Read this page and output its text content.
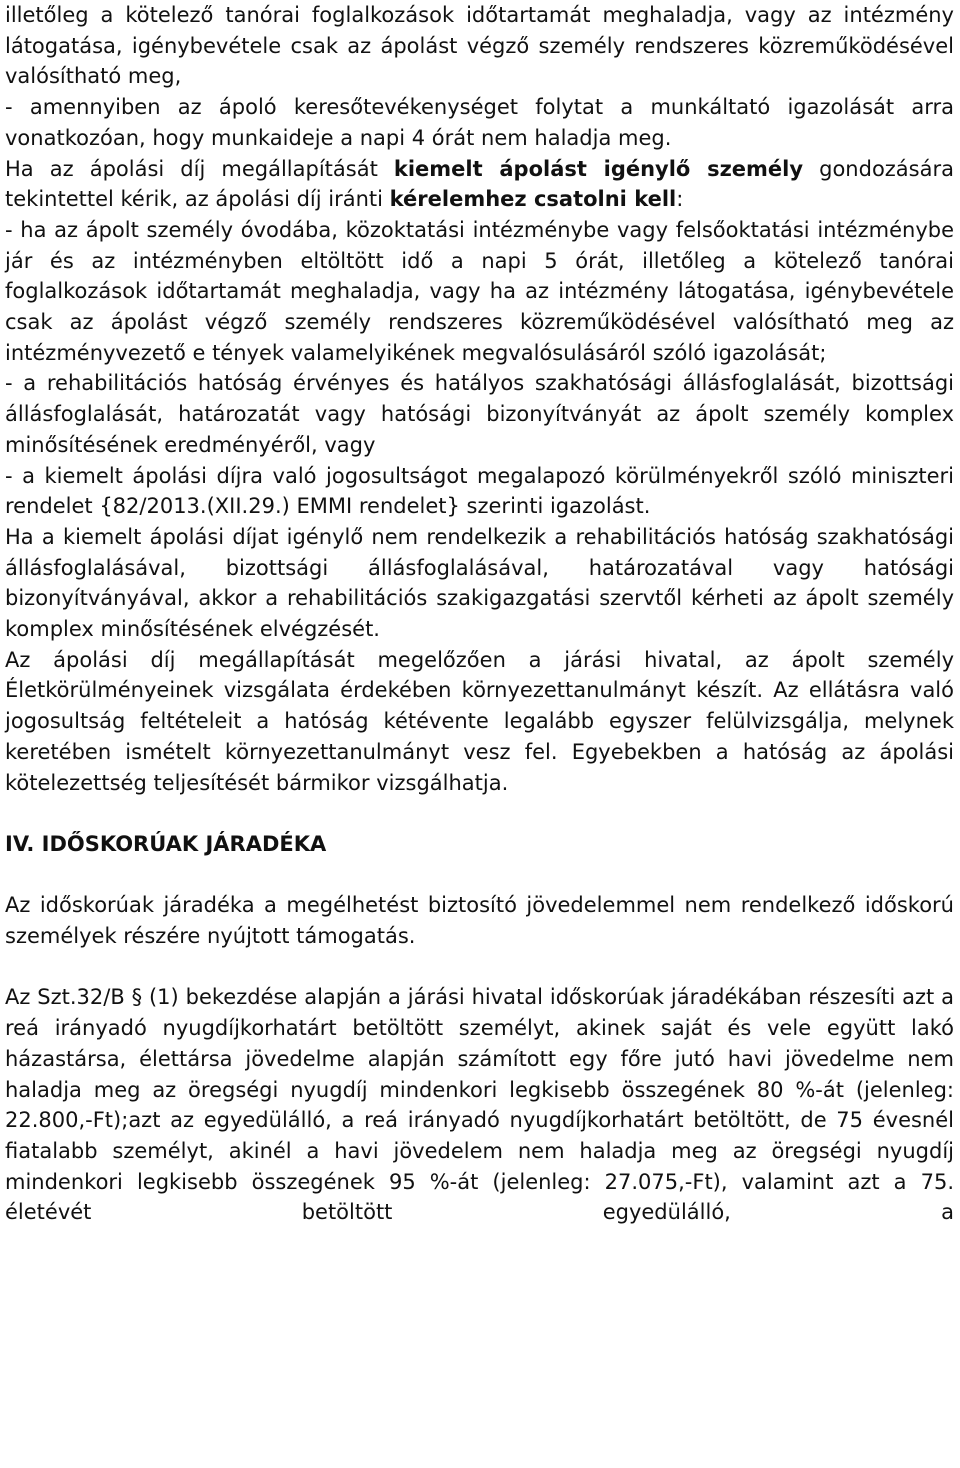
illetőleg a kötelező tanórai foglalkozások időtartamát meghaladja, vagy az intézmény látogatása, igénybevétele csak az ápolást végző személy rendszeres közreműködésével valósítható meg,

- amennyiben az ápoló keresőtevékenységet folytat a munkáltató igazolását arra vonatkozóan, hogy munkaideje a napi 4 órát nem haladja meg.

Ha az ápolási díj megállapítását kiemelt ápolást igénylő személy gondozására tekintettel kérik, az ápolási díj iránti kérelemhez csatolni kell:

- ha az ápolt személy óvodába, közoktatási intézménybe vagy felsőoktatási intézménybe jár és az intézményben eltöltött idő a napi 5 órát, illetőleg a kötelező tanórai foglalkozások időtartamát meghaladja, vagy ha az intézmény látogatása, igénybevétele csak az ápolást végző személy rendszeres közreműködésével valósítható meg az intézményvezető e tények valamelyikének megvalósulásáról szóló igazolását;

- a rehabilitációs hatóság érvényes és hatályos szakhatósági állásfoglalását, bizottsági állásfoglalását, határozatát vagy hatósági bizonyítványát az ápolt személy komplex minősítésének eredményéről, vagy

- a kiemelt ápolási díjra való jogosultságot megalapozó körülményekről szóló miniszteri rendelet {82/2013.(XII.29.) EMMI rendelet} szerinti igazolást.

Ha a kiemelt ápolási díjat igénylő nem rendelkezik a rehabilitációs hatóság szakhatósági állásfoglalásával, bizottsági állásfoglalásával, határozatával vagy hatósági bizonyítványával, akkor a rehabilitációs szakigazgatási szervtől kérheti az ápolt személy komplex minősítésének elvégzését.

Az ápolási díj megállapítását megelőzően a járási hivatal, az ápolt személy Életkörülményeinek vizsgálata érdekében környezettanulmányt készít. Az ellátásra való jogosultság feltételeit a hatóság kétévente legalább egyszer felülvizsgálja, melynek keretében ismételt környezettanulmányt vesz fel. Egyebekben a hatóság az ápolási kötelezettség teljesítését bármikor vizsgálhatja.

IV. IDŐSKORÚAK JÁRADÉKA

Az időskorúak járadéka a megélhetést biztosító jövedelemmel nem rendelkező időskorú személyek részére nyújtott támogatás.

Az Szt.32/B § (1) bekezdése alapján a járási hivatal időskorúak járadékában részesíti azt a reá irányadó nyugdíjkorhatárt betöltött személyt, akinek saját és vele együtt lakó házastársa, élettársa jövedelme alapján számított egy főre jutó havi jövedelme nem haladja meg az öregségi nyugdíj mindenkori legkisebb összegének 80 %-át (jelenleg: 22.800,-Ft);azt az egyedülálló, a reá irányadó nyugdíjkorhatárt betöltött, de 75 évesnél fiatalabb személyt, akinél a havi jövedelem nem haladja meg az öregségi nyugdíj mindenkori legkisebb összegének 95 %-át (jelenleg: 27.075,-Ft), valamint azt a 75. életévét betöltött egyedülálló, a
